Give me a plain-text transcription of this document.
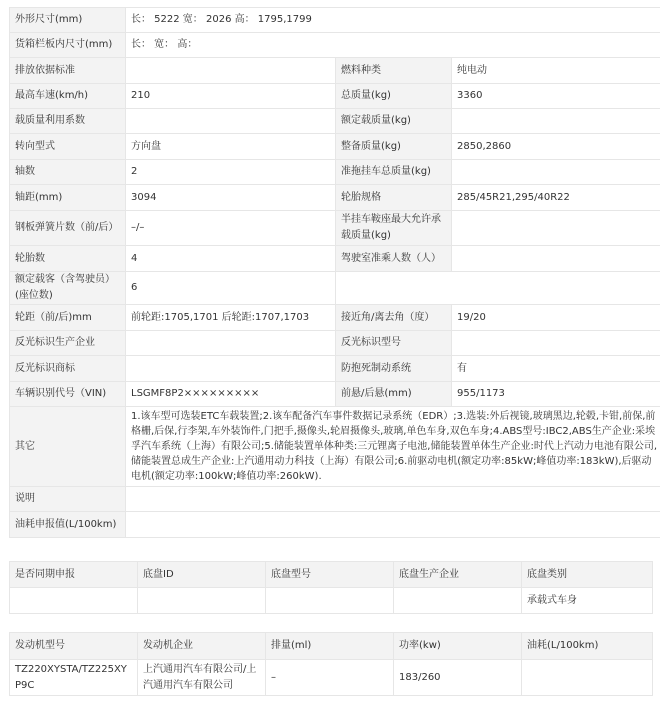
外形尺寸(mm)	长： 5222 宽： 2026 高： 1795,1799		
货箱栏板内尺寸(mm)	长： 宽： 高：		
排放依据标准		燃料种类	纯电动
最高车速(km/h)	210	总质量(kg)	3360
载质量利用系数		额定载质量(kg)	
转向型式	方向盘	整备质量(kg)	2850,2860
轴数	2	准拖挂车总质量(kg)	
轴距(mm)	3094	轮胎规格	285/45R21,295/40R22
钢板弹簧片数（前/后）	–/–	半挂车鞍座最大允许承载质量(kg)	
轮胎数	4	驾驶室准乘人数（人）	
额定载客（含驾驶员）(座位数)	6		
轮距（前/后)mm	前轮距:1705,1701 后轮距:1707,1703	接近角/离去角（度）	19/20
反光标识生产企业		反光标识型号	
反光标识商标		防抱死制动系统	有
车辆识别代号（VIN)	LSGMF8P2×××××××××	前悬/后悬(mm)	955/1173
其它	1.该车型可选装ETC车载装置;2.该车配备汽车事件数据记录系统（EDR）;3.选装:外后视镜,玻璃黑边,轮毂,卡钳,前保,前格栅,后保,行李架,车外装饰件,门把手,摄像头,轮眉摄像头,玻璃,单色车身,双色车身;4.ABS型号:IBC2,ABS生产企业:采埃孚汽车系统（上海）有限公司;5.储能装置单体种类:三元锂离子电池,储能装置单体生产企业:时代上汽动力电池有限公司,储能装置总成生产企业:上汽通用动力科技（上海）有限公司;6.前驱动电机(额定功率:85kW;峰值功率:183kW),后驱动电机(额定功率:100kW;峰值功率:260kW).		
说明			
油耗申报值(L/100km)			
是否同期申报	底盘ID	底盘型号	底盘生产企业	底盘类别
				承载式车身
发动机型号	发动机企业	排量(ml)	功率(kw)	油耗(L/100km)
TZ220XYSTA/TZ225XYP9C	上汽通用汽车有限公司/上汽通用汽车有限公司	–	183/260	
